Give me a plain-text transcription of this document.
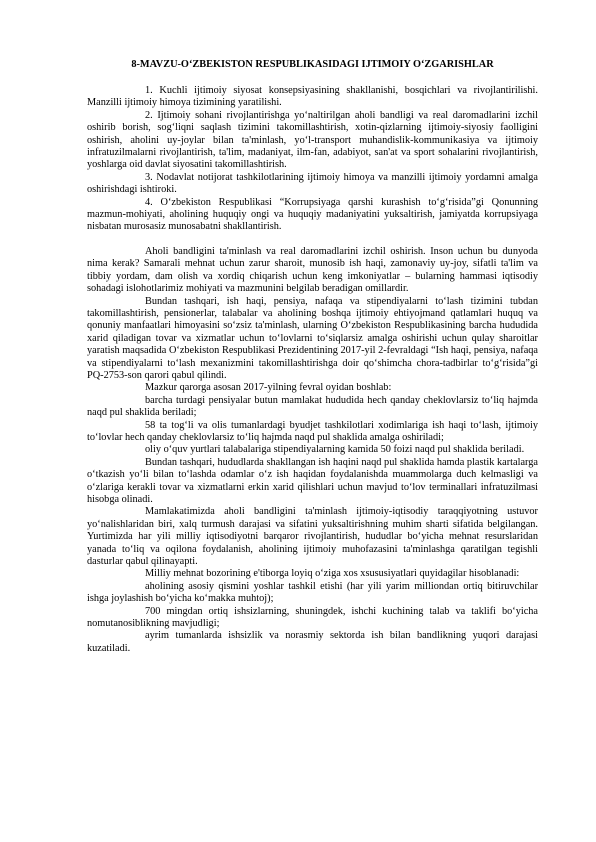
8-MAVZU-O‘ZBEKISTON RESPUBLIKASIDAGI IJTIMOIY O‘ZGARISHLAR

1. Kuchli ijtimoiy siyosat konsepsiyasining shakllanishi, bosqichlari va rivojlantirilishi. Manzilli ijtimoiy himoya tizimining yaratilishi.

2. Ijtimoiy sohani rivojlantirishga yo‘naltirilgan aholi bandligi va real daromadlarini izchil oshirib borish, sog‘liqni saqlash tizimini takomillashtirish, xotin-qizlarning ijtimoiy-siyosiy faolligini oshirish, aholini uy-joylar bilan ta'minlash, yo‘l-transport muhandislik-kommunikasiya va ijtimoiy infratuzilmalarni rivojlantirish, ta'lim, madaniyat, ilm-fan, adabiyot, san'at va sport sohalarini rivojlantirish, yoshlarga oid davlat siyosatini takomillashtirish.

3. Nodavlat notijorat tashkilotlarining ijtimoiy himoya va manzilli ijtimoiy yordamni amalga oshirishdagi ishtiroki.

4. O‘zbekiston Respublikasi “Korrupsiyaga qarshi kurashish to‘g‘risida”gi Qonunning mazmun-mohiyati, aholining huquqiy ongi va huquqiy madaniyatini yuksaltirish, jamiyatda korrupsiyaga nisbatan murosasiz munosabatni shakllantirish.

Aholi bandligini ta'minlash va real daromadlarini izchil oshirish. Inson uchun bu dunyoda nima kerak? Samarali mehnat uchun zarur sharoit, munosib ish haqi, zamonaviy uy-joy, sifatli ta'lim va tibbiy yordam, dam olish va xordiq chiqarish uchun keng imkoniyatlar – bularning hammasi iqtisodiy sohadagi islohotlarimiz mohiyati va mazmunini belgilab beradigan omillardir.

Bundan tashqari, ish haqi, pensiya, nafaqa va stipendiyalarni to‘lash tizimini tubdan takomillashtirish, pensionerlar, talabalar va aholining boshqa ijtimoiy ehtiyojmand qatlamlari huquq va qonuniy manfaatlari himoyasini so‘zsiz ta'minlash, ularning O‘zbekiston Respublikasining barcha hududida xarid qiladigan tovar va xizmatlar uchun to‘lovlarni to‘siqlarsiz amalga oshirishi uchun qulay sharoitlar yaratish maqsadida O‘zbekiston Respublikasi Prezidentining 2017-yil 2-fevraldagi “Ish haqi, pensiya, nafaqa va stipendiyalarni to‘lash mexanizmini takomillashtirishga doir qo‘shimcha chora-tadbirlar to‘g‘risida”gi PQ-2753-son qarori qabul qilindi.

Mazkur qarorga asosan 2017-yilning fevral oyidan boshlab:

barcha turdagi pensiyalar butun mamlakat hududida hech qanday cheklovlarsiz to‘liq hajmda naqd pul shaklida beriladi;

58 ta tog‘li va olis tumanlardagi byudjet tashkilotlari xodimlariga ish haqi to‘lash, ijtimoiy to‘lovlar hech qanday cheklovlarsiz to‘liq hajmda naqd pul shaklida amalga oshiriladi;

oliy o‘quv yurtlari talabalariga stipendiyalarning kamida 50 foizi naqd pul shaklida beriladi.

Bundan tashqari, hududlarda shakllangan ish haqini naqd pul shaklida hamda plastik kartalarga o‘tkazish yo‘li bilan to‘lashda odamlar o‘z ish haqidan foydalanishda muammolarga duch kelmasligi va o‘zlariga kerakli tovar va xizmatlarni erkin xarid qilishlari uchun mavjud to‘lov terminallari infratuzilmasi hisobga olinadi.

Mamlakatimizda aholi bandligini ta'minlash ijtimoiy-iqtisodiy taraqqiyotning ustuvor yo‘nalishlaridan biri, xalq turmush darajasi va sifatini yuksaltirishning muhim sharti sifatida belgilangan. Yurtimizda har yili milliy iqtisodiyotni barqaror rivojlantirish, hududlar bo‘yicha mehnat resurslaridan yanada to‘liq va oqilona foydalanish, aholining ijtimoiy muhofazasini ta'minlashga qaratilgan tegishli dasturlar qabul qilinayapti.

Milliy mehnat bozorining e'tiborga loyiq o‘ziga xos xsususiyatlari quyidagilar hisoblanadi:

aholining asosiy qismini yoshlar tashkil etishi (har yili yarim milliondan ortiq bitiruvchilar ishga joylashish bo‘yicha ko‘makka muhtoj);

700 mingdan ortiq ishsizlarning, shuningdek, ishchi kuchining talab va taklifi bo‘yicha nomutanosiblikning mavjudligi;

ayrim tumanlarda ishsizlik va norasmiy sektorda ish bilan bandlikning yuqori darajasi kuzatiladi.
